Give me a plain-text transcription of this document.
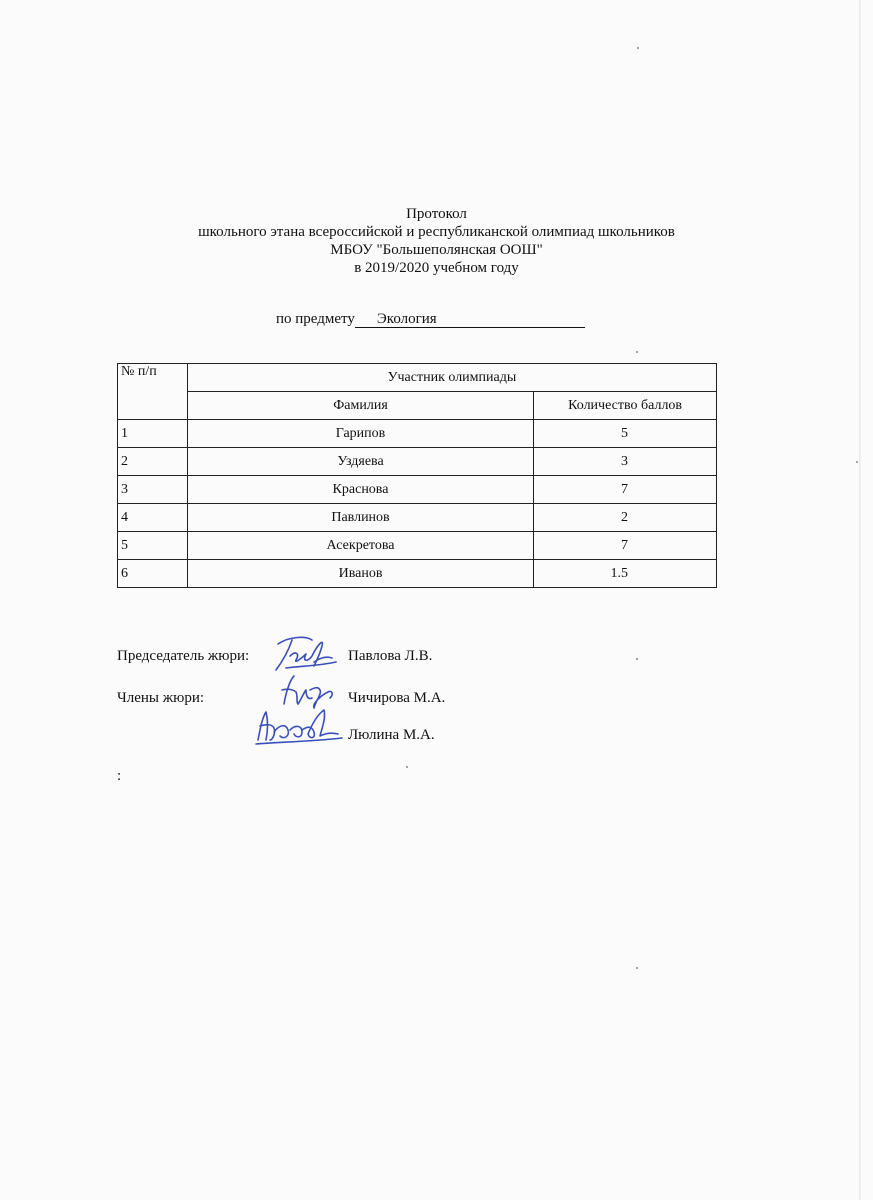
Протокол
школьного этана всероссийской и республиканской олимпиад школьников
МБОУ "Большеполянская ООШ"
в 2019/2020 учебном году
по предмету Экология
№ п/п	Участник олимпиады	
	Фамилия	Количество баллов
1	Гарипов	5
2	Уздяева	3
3	Краснова	7
4	Павлинов	2
5	Асекретова	7
6	Иванов	1.5
Председатель жюри:	Павлова Л.В.
Члены жюри:	Чичирова М.А.
Люлина М.А.
:
